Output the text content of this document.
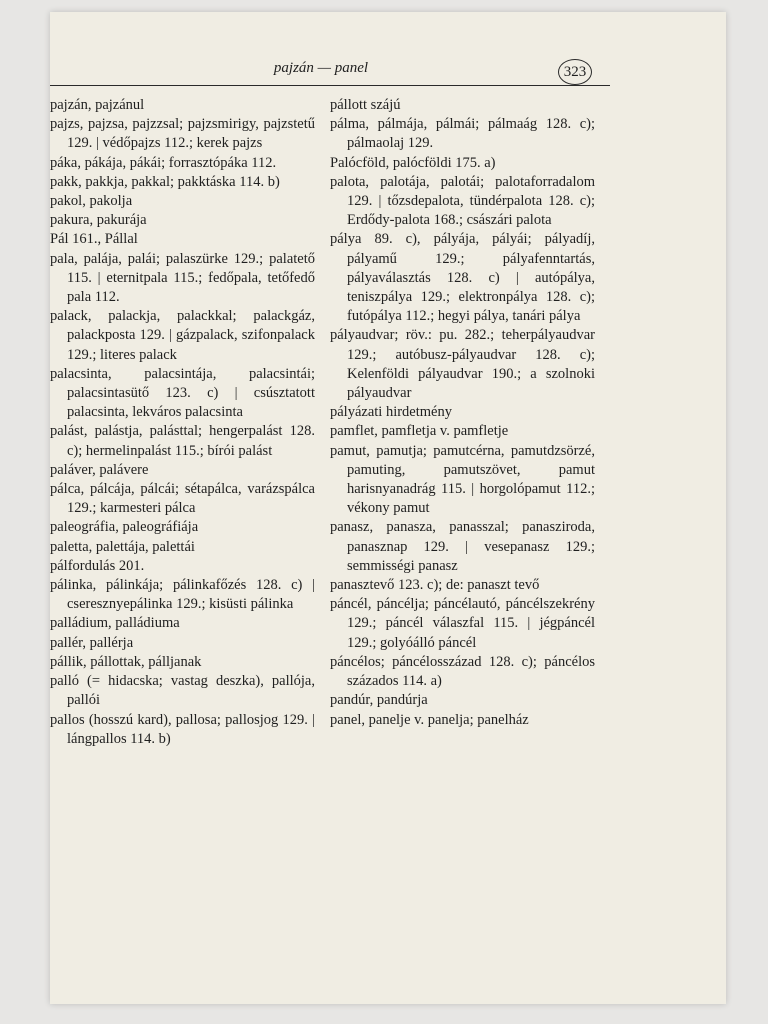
pajzán — panel	323
pajzán, pajzánul
pajzs, pajzsa, pajzzsal; pajzsmirigy, pajzstetű 129. | védőpajzs 112.; kerek pajzs
páka, pákája, pákái; forrasztópáka 112.
pakk, pakkja, pakkal; pakktáska 114. b)
pakol, pakolja
pakura, pakurája
Pál 161., Pállal
pala, palája, palái; palaszürke 129.; palatető 115. | eternitpala 115.; fedőpala, tetőfedő pala 112.
palack, palackja, palackkal; palackgáz, palackposta 129. | gázpalack, szifonpalack 129.; literes palack
palacsinta, palacsintája, palacsintái; palacsintasütő 123. c) | csúsztatott palacsinta, lekváros palacsinta
palást, palástja, palásttal; hengerpalást 128. c); hermelinpalást 115.; bírói palást
paláver, palávere
pálca, pálcája, pálcái; sétapálca, varázspálca 129.; karmesteri pálca
paleográfia, paleográfiája
paletta, palettája, palettái
pálfordulás 201.
pálinka, pálinkája; pálinkafőzés 128. c) | cseresznyepálinka 129.; kisüsti pálinka
palládium, palládiuma
pallér, pallérja
pállik, pállottak, pálljanak
palló (= hidacska; vastag deszka), pallója, pallói
pallos (hosszú kard), pallosa; pallosjog 129. | lángpallos 114. b)
pállott szájú
pálma, pálmája, pálmái; pálmaág 128. c); pálmaolaj 129.
Palócföld, palócföldi 175. a)
palota, palotája, palotái; palotaforradalom 129. | tőzsdepalota, tündérpalota 128. c); Erdődy-palota 168.; császári palota
pálya 89. c), pályája, pályái; pályadíj, pályamű 129.; pályafenntartás, pályaválasztás 128. c) | autópálya, teniszpálya 129.; elektronpálya 128. c); futópálya 112.; hegyi pálya, tanári pálya
pályaudvar; röv.: pu. 282.; teherpályaudvar 129.; autóbusz-pályaudvar 128. c); Kelenföldi pályaudvar 190.; a szolnoki pályaudvar
pályázati hirdetmény
pamflet, pamfletja v. pamfletje
pamut, pamutja; pamutcérna, pamutdzsörzé, pamuting, pamutszövet, pamut harisnyanadrág 115. | horgolópamut 112.; vékony pamut
panasz, panasza, panasszal; panasziroda, panasznap 129. | vesepanasz 129.; semmisségi panasz
panasztevő 123. c); de: panaszt tevő
páncél, páncélja; páncélautó, páncélszekrény 129.; páncél válaszfal 115. | jégpáncél 129.; golyóálló páncél
páncélos; páncélosszázad 128. c); páncélos százados 114. a)
pandúr, pandúrja
panel, panelje v. panelja; panelház
